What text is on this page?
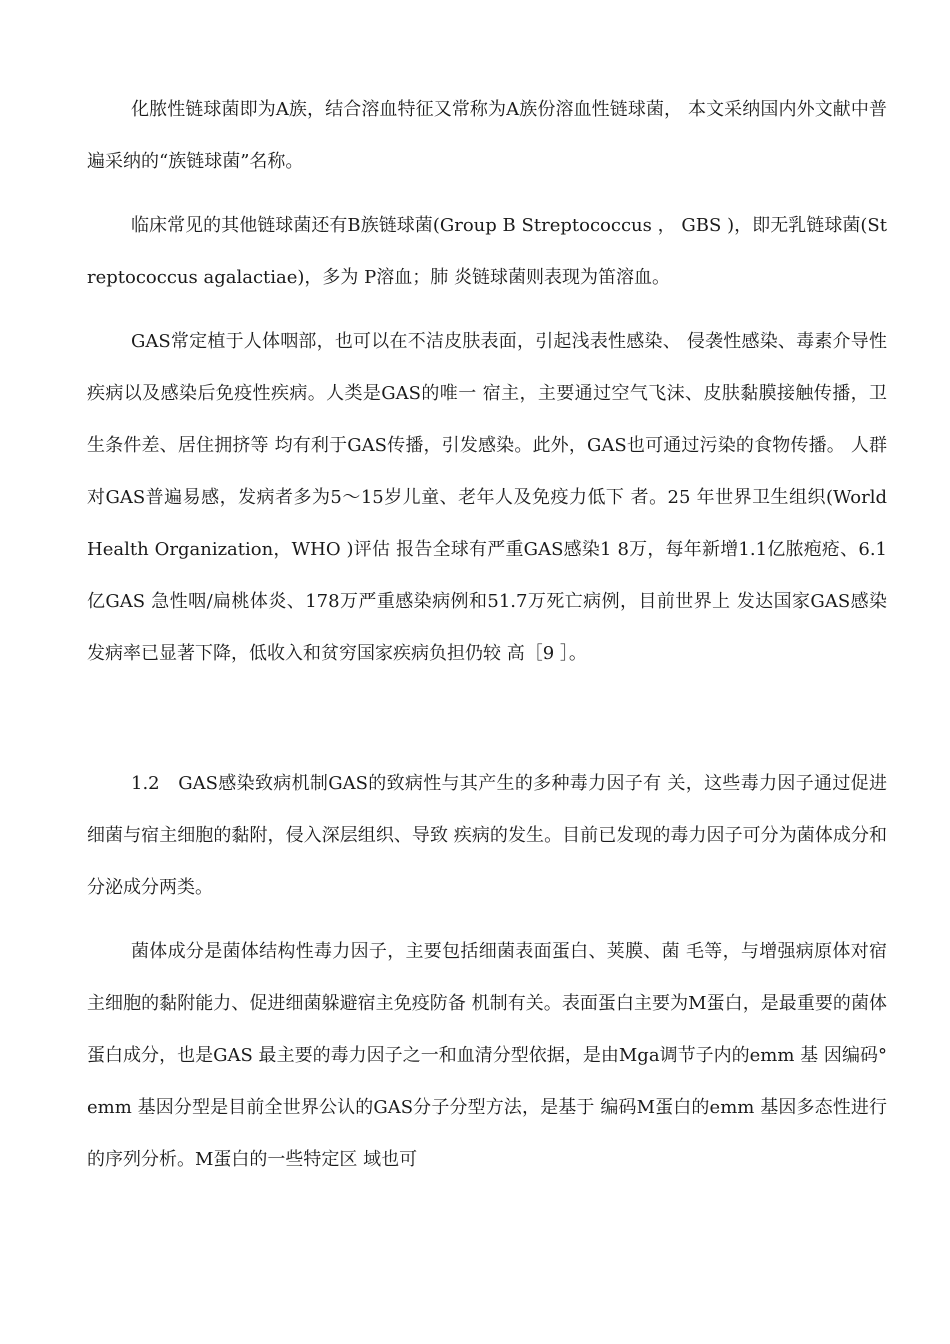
化脓性链球菌即为A族，结合溶血特征又常称为A族份溶血性链球菌， 本文采纳国内外文献中普遍采纳的“族链球菌”名称。

临床常见的其他链球菌还有B族链球菌(Group B Streptococcus ， GBS )，即无乳链球菌(Streptococcus agalactiae)，多为 P溶血；肺 炎链球菌则表现为笛溶血。

GAS常定植于人体咽部，也可以在不洁皮肤表面，引起浅表性感染、 侵袭性感染、毒素介导性疾病以及感染后免疫性疾病。人类是GAS的唯一 宿主，主要通过空气飞沫、皮肤黏膜接触传播，卫生条件差、居住拥挤等 均有利于GAS传播，引发感染。此外，GAS也可通过污染的食物传播。 人群对GAS普遍易感，发病者多为5〜15岁儿童、老年人及免疫力低下 者。25 年世界卫生组织(World Health Organization，WHO )评估 报告全球有严重GAS感染1 8万，每年新增1.1亿脓疱疮、6.1亿GAS 急性咽/扁桃体炎、178万严重感染病例和51.7万死亡病例，目前世界上 发达国家GAS感染发病率已显著下降，低收入和贫穷国家疾病负担仍较 高［9 ］。

1.2　GAS感染致病机制GAS的致病性与其产生的多种毒力因子有 关，这些毒力因子通过促进细菌与宿主细胞的黏附，侵入深层组织、导致 疾病的发生。目前已发现的毒力因子可分为菌体成分和分泌成分两类。

菌体成分是菌体结构性毒力因子，主要包括细菌表面蛋白、荚膜、菌 毛等，与增强病原体对宿主细胞的黏附能力、促进细菌躲避宿主免疫防备 机制有关。表面蛋白主要为M蛋白，是最重要的菌体蛋白成分，也是GAS 最主要的毒力因子之一和血清分型依据，是由Mga调节子内的emm 基 因编码° emm 基因分型是目前全世界公认的GAS分子分型方法，是基于 编码M蛋白的emm 基因多态性进行的序列分析。M蛋白的一些特定区 域也可
